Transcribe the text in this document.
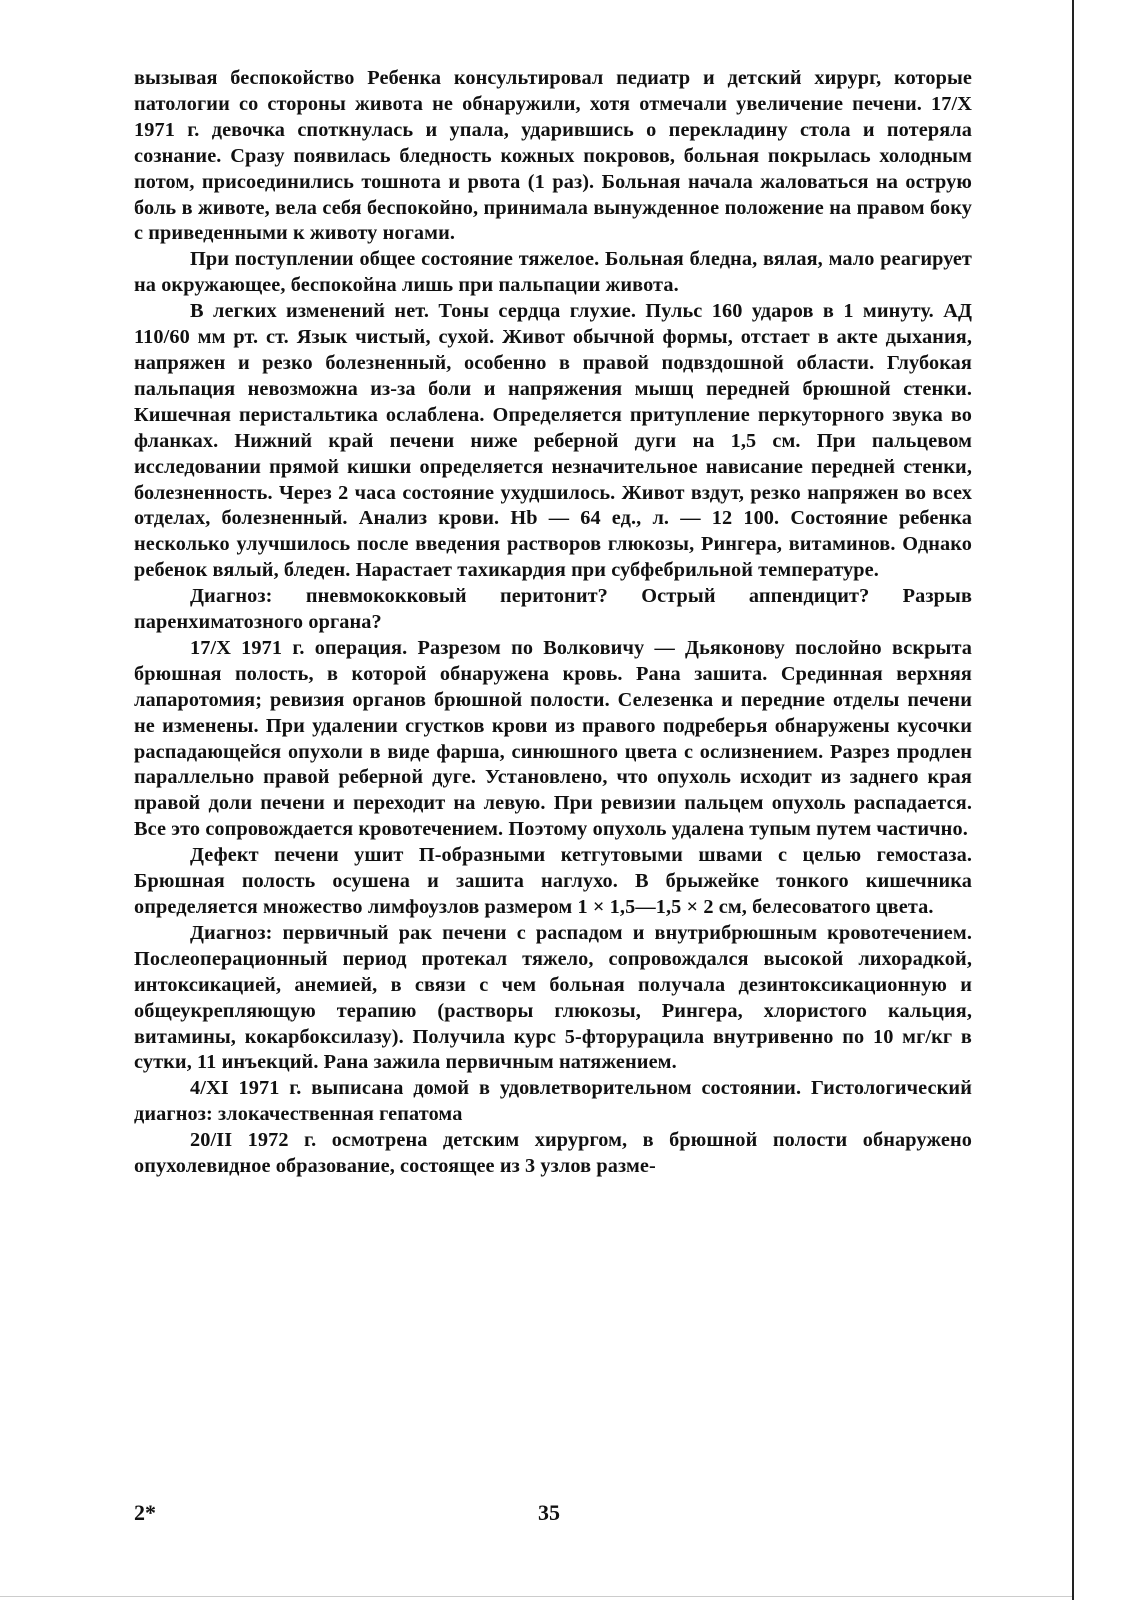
вызывая беспокойство Ребенка консультировал педиатр и детский хирург, которые патологии со стороны живота не обнаружили, хотя отмечали увеличение печени. 17/X 1971 г. девочка споткнулась и упала, ударившись о перекладину стола и потеряла сознание. Сразу появилась бледность кожных покровов, больная покрылась холодным потом, присоединились тошнота и рвота (1 раз). Больная начала жаловаться на острую боль в животе, вела себя беспокойно, принимала вынужденное положение на правом боку с приведенными к животу ногами.

При поступлении общее состояние тяжелое. Больная бледна, вялая, мало реагирует на окружающее, беспокойна лишь при пальпации живота.

В легких изменений нет. Тоны сердца глухие. Пульс 160 ударов в 1 минуту. АД 110/60 мм рт. ст. Язык чистый, сухой. Живот обычной формы, отстает в акте дыхания, напряжен и резко болезненный, особенно в правой подвздошной области. Глубокая пальпация невозможна из-за боли и напряжения мышц передней брюшной стенки. Кишечная перистальтика ослаблена. Определяется притупление перкуторного звука во фланках. Нижний край печени ниже реберной дуги на 1,5 см. При пальцевом исследовании прямой кишки определяется незначительное нависание передней стенки, болезненность. Через 2 часа состояние ухудшилось. Живот вздут, резко напряжен во всех отделах, болезненный. Анализ крови. Hb — 64 ед., л. — 12 100. Состояние ребенка несколько улучшилось после введения растворов глюкозы, Рингера, витаминов. Однако ребенок вялый, бледен. Нарастает тахикардия при субфебрильной температуре.

Диагноз: пневмококковый перитонит? Острый аппендицит? Разрыв паренхиматозного органа?

17/X 1971 г. операция. Разрезом по Волковичу — Дьяконову послойно вскрыта брюшная полость, в которой обнаружена кровь. Рана зашита. Срединная верхняя лапаротомия; ревизия органов брюшной полости. Селезенка и передние отделы печени не изменены. При удалении сгустков крови из правого подреберья обнаружены кусочки распадающейся опухоли в виде фарша, синюшного цвета с ослизнением. Разрез продлен параллельно правой реберной дуге. Установлено, что опухоль исходит из заднего края правой доли печени и переходит на левую. При ревизии пальцем опухоль распадается. Все это сопровождается кровотечением. Поэтому опухоль удалена тупым путем частично.

Дефект печени ушит П-образными кетгутовыми швами с целью гемостаза. Брюшная полость осушена и зашита наглухо. В брыжейке тонкого кишечника определяется множество лимфоузлов размером 1 × 1,5—1,5 × 2 см, белесоватого цвета.

Диагноз: первичный рак печени с распадом и внутрибрюшным кровотечением. Послеоперационный период протекал тяжело, сопровождался высокой лихорадкой, интоксикацией, анемией, в связи с чем больная получала дезинтоксикационную и общеукрепляющую терапию (растворы глюкозы, Рингера, хлористого кальция, витамины, кокарбоксилазу). Получила курс 5-фторурацила внутривенно по 10 мг/кг в сутки, 11 инъекций. Рана зажила первичным натяжением.

4/XI 1971 г. выписана домой в удовлетворительном состоянии. Гистологический диагноз: злокачественная гепатома

20/II 1972 г. осмотрена детским хирургом, в брюшной полости обнаружено опухолевидное образование, состоящее из 3 узлов разме-

2*	35
